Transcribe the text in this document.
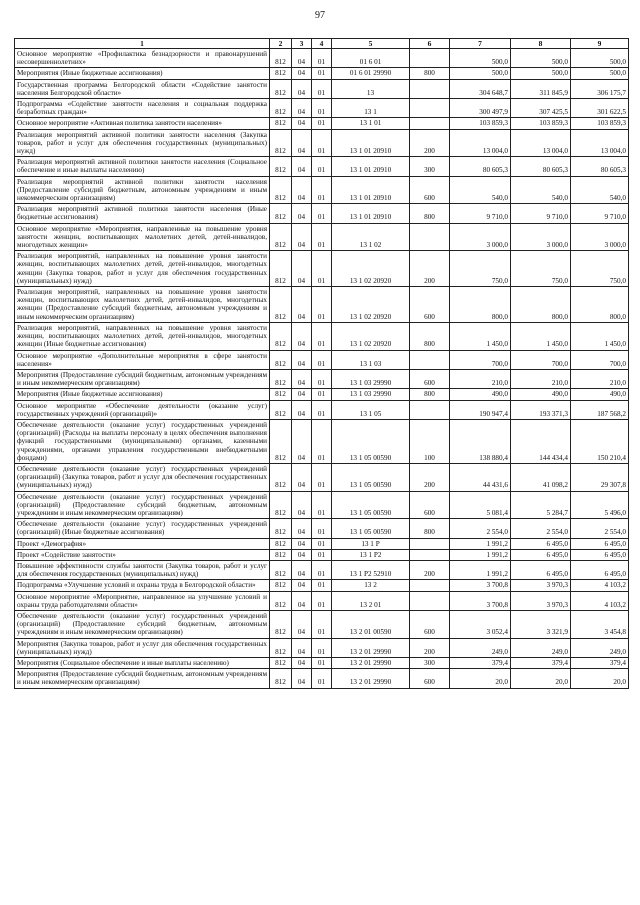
97
1	2	3	4	5	6	7	8	9
Основное мероприятие «Профилактика безнадзорности и правонарушений несовершеннолетних»	812	04	01	01 6 01		500,0	500,0	500,0
Мероприятия (Иные бюджетные ассигнования)	812	04	01	01 6 01 29990	800	500,0	500,0	500,0
Государственная программа Белгородской области «Содействие занятости населения Белгородской области»	812	04	01	13		304 648,7	311 845,9	306 175,7
Подпрограмма «Содействие занятости населения и социальная поддержка безработных граждан»	812	04	01	13 1		300 497,9	307 425,5	301 622,5
Основное мероприятие «Активная политика занятости населения»	812	04	01	13 1 01		103 859,3	103 859,3	103 859,3
Реализация мероприятий активной политики занятости населения (Закупка товаров, работ и услуг для обеспечения государственных (муниципальных) нужд)	812	04	01	13 1 01 20910	200	13 004,0	13 004,0	13 004,0
Реализация мероприятий активной политики занятости населения (Социальное обеспечение и иные выплаты населению)	812	04	01	13 1 01 20910	300	80 605,3	80 605,3	80 605,3
Реализация мероприятий активной политики занятости населения (Предоставление субсидий бюджетным, автономным учреждениям и иным некоммерческим организациям)	812	04	01	13 1 01 20910	600	540,0	540,0	540,0
Реализация мероприятий активной политики занятости населения (Иные бюджетные ассигнования)	812	04	01	13 1 01 20910	800	9 710,0	9 710,0	9 710,0
Основное мероприятие «Мероприятия, направленные на повышение уровня занятости женщин, воспитывающих малолетних детей, детей-инвалидов, многодетных женщин»	812	04	01	13 1 02		3 000,0	3 000,0	3 000,0
Реализация мероприятий, направленных на повышение уровня занятости женщин, воспитывающих малолетних детей, детей-инвалидов, многодетных женщин (Закупка товаров, работ и услуг для обеспечения государственных (муниципальных) нужд)	812	04	01	13 1 02 20920	200	750,0	750,0	750,0
Реализация мероприятий, направленных на повышение уровня занятости женщин, воспитывающих малолетних детей, детей-инвалидов, многодетных женщин (Предоставление субсидий бюджетным, автономным учреждениям и иным некоммерческим организациям)	812	04	01	13 1 02 20920	600	800,0	800,0	800,0
Реализация мероприятий, направленных на повышение уровня занятости женщин, воспитывающих малолетних детей, детей-инвалидов, многодетных женщин (Иные бюджетные ассигнования)	812	04	01	13 1 02 20920	800	1 450,0	1 450,0	1 450,0
Основное мероприятие «Дополнительные мероприятия в сфере занятости населения»	812	04	01	13 1 03		700,0	700,0	700,0
Мероприятия (Предоставление субсидий бюджетным, автономным учреждениям и иным некоммерческим организациям)	812	04	01	13 1 03 29990	600	210,0	210,0	210,0
Мероприятия (Иные бюджетные ассигнования)	812	04	01	13 1 03 29990	800	490,0	490,0	490,0
Основное мероприятие «Обеспечение деятельности (оказание услуг) государственных учреждений (организаций)»	812	04	01	13 1 05		190 947,4	193 371,3	187 568,2
Обеспечение деятельности (оказание услуг) государственных учреждений (организаций) (Расходы на выплаты персоналу в целях обеспечения выполнения функций государственными (муниципальными) органами, казенными учреждениями, органами управления государственными внебюджетными фондами)	812	04	01	13 1 05 00590	100	138 880,4	144 434,4	150 210,4
Обеспечение деятельности (оказание услуг) государственных учреждений (организаций) (Закупка товаров, работ и услуг для обеспечения государственных (муниципальных) нужд)	812	04	01	13 1 05 00590	200	44 431,6	41 098,2	29 307,8
Обеспечение деятельности (оказание услуг) государственных учреждений (организаций) (Предоставление субсидий бюджетным, автономным учреждениям и иным некоммерческим организациям)	812	04	01	13 1 05 00590	600	5 081,4	5 284,7	5 496,0
Обеспечение деятельности (оказание услуг) государственных учреждений (организаций) (Иные бюджетные ассигнования)	812	04	01	13 1 05 00590	800	2 554,0	2 554,0	2 554,0
Проект «Демография»	812	04	01	13 1 Р		1 991,2	6 495,0	6 495,0
Проект «Содействие занятости»	812	04	01	13 1 Р2		1 991,2	6 495,0	6 495,0
Повышение эффективности службы занятости (Закупка товаров, работ и услуг для обеспечения государственных (муниципальных) нужд)	812	04	01	13 1 Р2 52910	200	1 991,2	6 495,0	6 495,0
Подпрограмма «Улучшение условий и охраны труда в Белгородской области»	812	04	01	13 2		3 700,8	3 970,3	4 103,2
Основное мероприятие «Мероприятие, направленное на улучшение условий и охраны труда работодателями области»	812	04	01	13 2 01		3 700,8	3 970,3	4 103,2
Обеспечение деятельности (оказание услуг) государственных учреждений (организаций) (Предоставление субсидий бюджетным, автономным учреждениям и иным некоммерческим организациям)	812	04	01	13 2 01 00590	600	3 052,4	3 321,9	3 454,8
Мероприятия (Закупка товаров, работ и услуг для обеспечения государственных (муниципальных) нужд)	812	04	01	13 2 01 29990	200	249,0	249,0	249,0
Мероприятия (Социальное обеспечение и иные выплаты населению)	812	04	01	13 2 01 29990	300	379,4	379,4	379,4
Мероприятия (Предоставление субсидий бюджетным, автономным учреждениям и иным некоммерческим организациям)	812	04	01	13 2 01 29990	600	20,0	20,0	20,0
